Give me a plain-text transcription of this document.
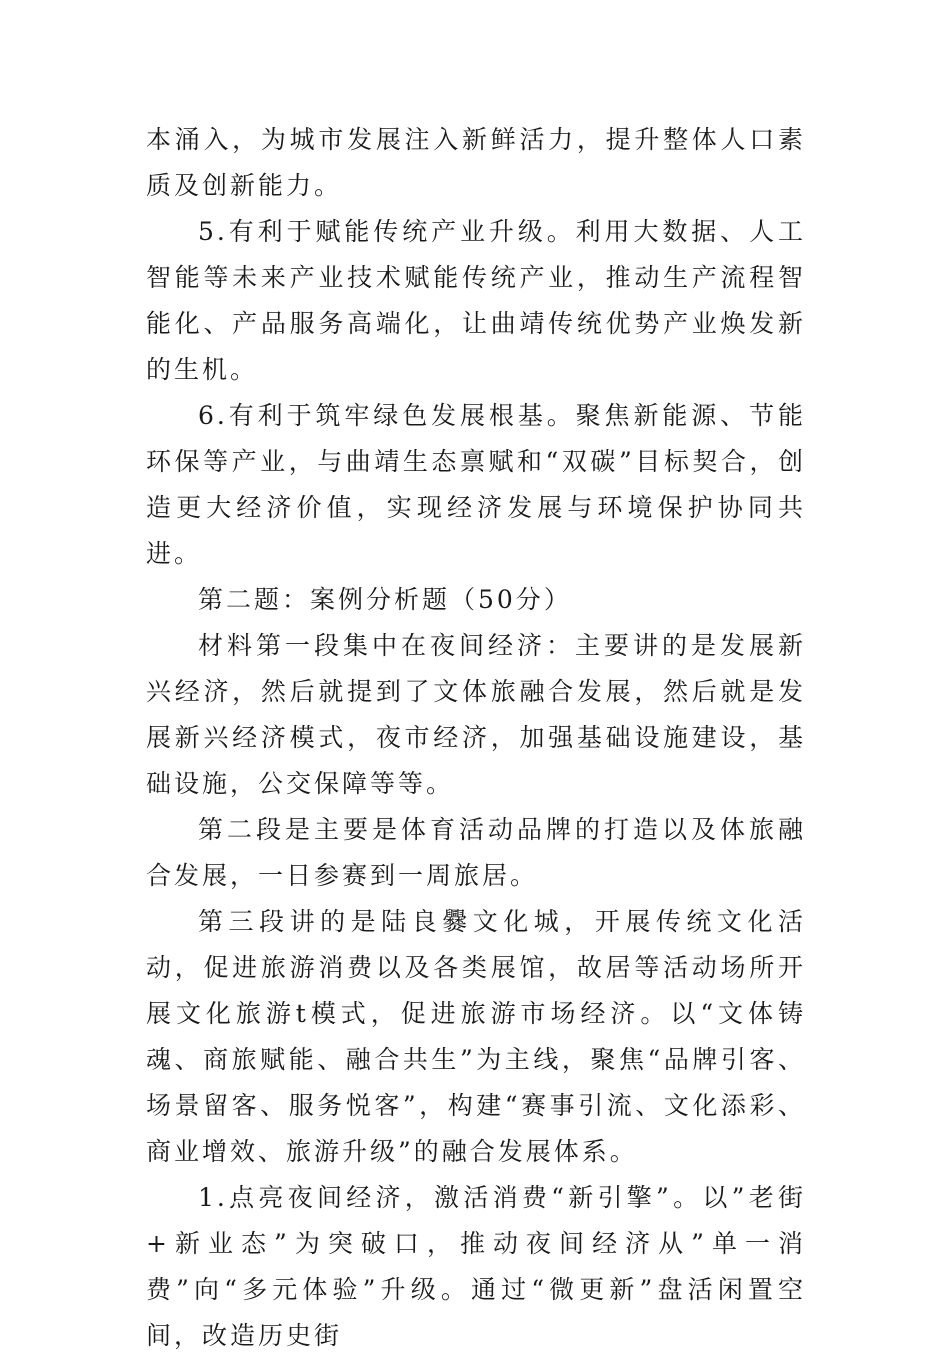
本涌入，为城市发展注入新鲜活力，提升整体人口素质及创新能力。

5.有利于赋能传统产业升级。利用大数据、人工智能等未来产业技术赋能传统产业，推动生产流程智能化、产品服务高端化，让曲靖传统优势产业焕发新的生机。

6.有利于筑牢绿色发展根基。聚焦新能源、节能环保等产业，与曲靖生态禀赋和“双碳”目标契合，创造更大经济价值，实现经济发展与环境保护协同共进。

第二题：案例分析题（50分）

材料第一段集中在夜间经济：主要讲的是发展新兴经济，然后就提到了文体旅融合发展，然后就是发展新兴经济模式，夜市经济，加强基础设施建设，基础设施，公交保障等等。

第二段是主要是体育活动品牌的打造以及体旅融合发展，一日参赛到一周旅居。

第三段讲的是陆良爨文化城，开展传统文化活动，促进旅游消费以及各类展馆，故居等活动场所开展文化旅游t模式，促进旅游市场经济。以“文体铸魂、商旅赋能、融合共生”为主线，聚焦“品牌引客、场景留客、服务悦客”，构建“赛事引流、文化添彩、商业增效、旅游升级”的融合发展体系。

1.点亮夜间经济，激活消费“新引擎”。以”老街+新业态”为突破口，推动夜间经济从”单一消费”向“多元体验”升级。通过“微更新”盘活闲置空间，改造历史街
